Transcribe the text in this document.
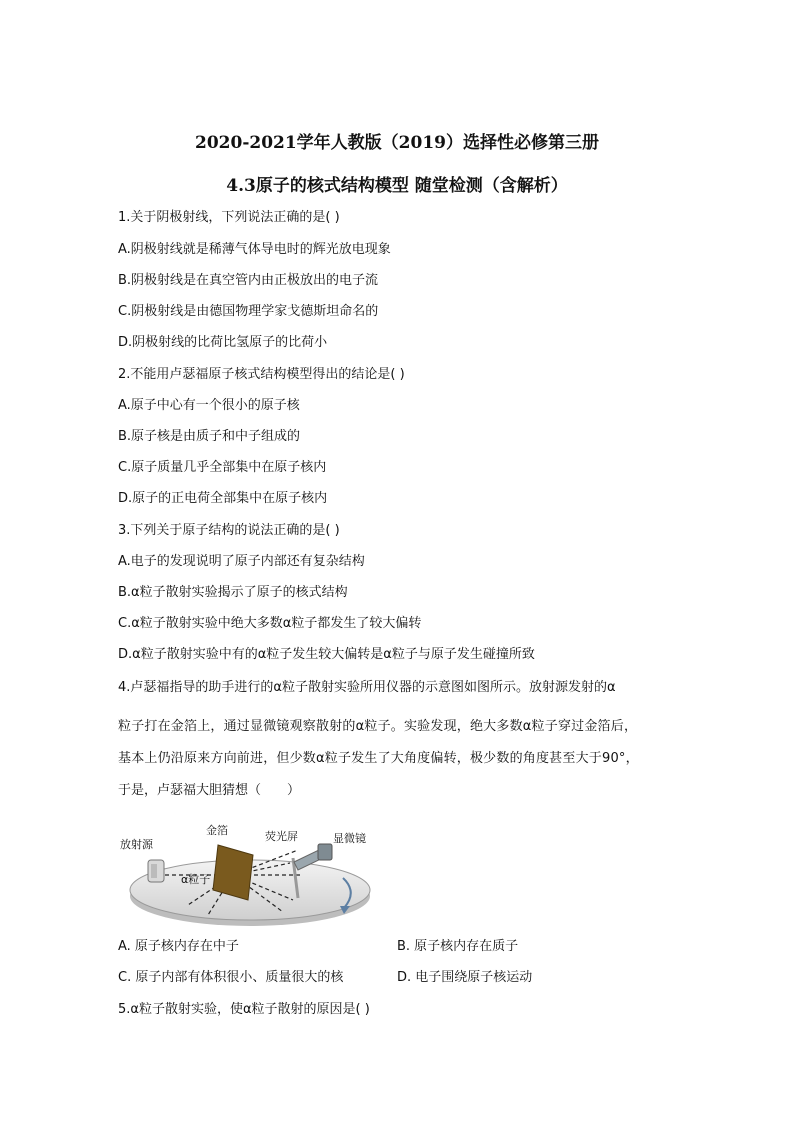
2020-2021学年人教版（2019）选择性必修第三册
4.3原子的核式结构模型 随堂检测（含解析）
1.关于阴极射线，下列说法正确的是( )
A.阴极射线就是稀薄气体导电时的辉光放电现象
B.阴极射线是在真空管内由正极放出的电子流
C.阴极射线是由德国物理学家戈德斯坦命名的
D.阴极射线的比荷比氢原子的比荷小
2.不能用卢瑟福原子核式结构模型得出的结论是( )
A.原子中心有一个很小的原子核
B.原子核是由质子和中子组成的
C.原子质量几乎全部集中在原子核内
D.原子的正电荷全部集中在原子核内
3.下列关于原子结构的说法正确的是( )
A.电子的发现说明了原子内部还有复杂结构
B.α粒子散射实验揭示了原子的核式结构
C.α粒子散射实验中绝大多数α粒子都发生了较大偏转
D.α粒子散射实验中有的α粒子发生较大偏转是α粒子与原子发生碰撞所致
4.卢瑟福指导的助手进行的α粒子散射实验所用仪器的示意图如图所示。放射源发射的α
粒子打在金箔上，通过显微镜观察散射的α粒子。实验发现，绝大多数α粒子穿过金箔后，
基本上仍沿原来方向前进，但少数α粒子发生了大角度偏转，极少数的角度甚至大于90°，
于是，卢瑟福大胆猜想（　　）
放射源
金箔	荧光屏	显微镜
α粒子
A. 原子核内存在中子	B. 原子核内存在质子
C. 原子内部有体积很小、质量很大的核	D. 电子围绕原子核运动
5.α粒子散射实验，使α粒子散射的原因是( )
